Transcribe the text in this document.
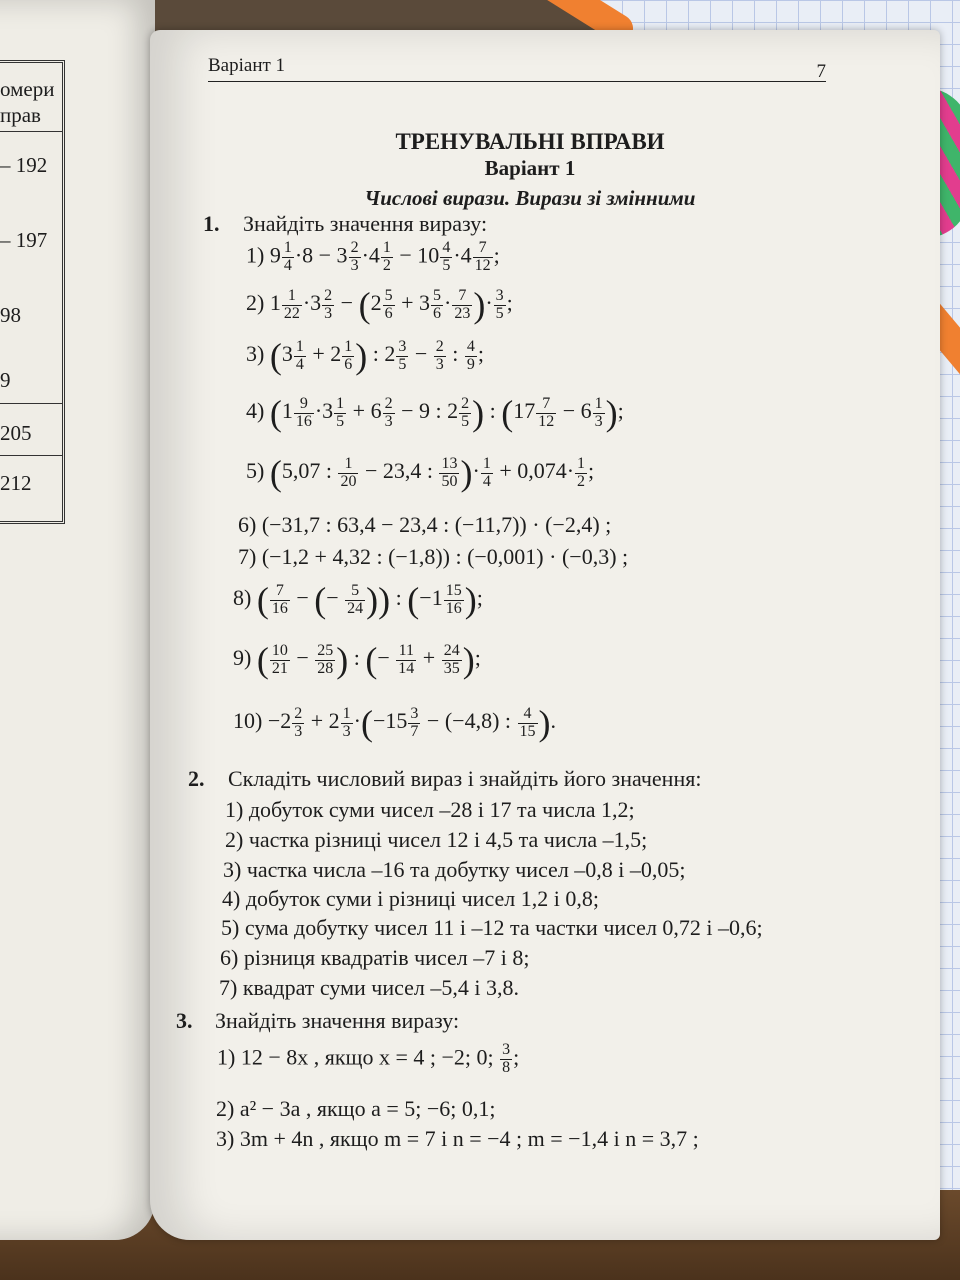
омери
прав
– 192
– 197
98
9
205
212
Варіант 1	7
ТРЕНУВАЛЬНІ ВПРАВИ
Варіант 1
Числові вирази. Вирази зі змінними
1. Знайдіть значення виразу:
1) $9 \frac{1}{4} \cdot 8 - 3 \frac{2}{3} \cdot 4 \frac{1}{2} - 10 \frac{4}{5} \cdot 4 \frac{7}{12}$ ;
2) $1 \frac{1}{22} \cdot 3 \frac{2}{3} - (2 \frac{5}{6} + 3 \frac{5}{6} \cdot \frac{7}{23}$ )· $\frac{3}{5}$ ;
3) ($3 \frac{1}{4} + 2 \frac{1}{6}$ ) : $2 \frac{3}{5} - \frac{2}{3}$ : $\frac{4}{9}$ ;
4) ($1 \frac{9}{16} \cdot 3 \frac{1}{5} + 6 \frac{2}{3} - 9$ : $2 \frac{2}{5}$ ) : ($17 \frac{7}{12} - 6 \frac{1}{3}$ );
5) (5,07 : $\frac{1}{20} - 23,4$ : $\frac{13}{50}$ )· $\frac{1}{4} + 0,074\cdot \frac{1}{2}$ ;
6) (−31,7 : 63,4 − 23,4 : (−11,7)) · (−2,4) ;
7) (−1,2 + 4,32 : (−1,8)) : (−0,001) · (−0,3) ;
8) ( $\frac{7}{16}$ − (− $\frac{5}{24}$ )) : ($-1 \frac{15}{16}$ );
9) ( $\frac{10}{21} - \frac{25}{28}$ ) : (− $\frac{11}{14} + \frac{24}{35}$ );
$10) -2 \frac{2}{3} + 2 \frac{1}{3} \cdot(-15 \frac{3}{7} - (-4,8)$ : $\frac{4}{15}$ ).
2. Складіть числовий вираз і знайдіть його значення:
1) добуток суми чисел –28 і 17 та числа 1,2;
2) частка різниці чисел 12 і 4,5 та числа –1,5;
3) частка числа –16 та добутку чисел –0,8 і –0,05;
4) добуток суми і різниці чисел 1,2 і 0,8;
5) сума добутку чисел 11 і –12 та частки чисел 0,72 і –0,6;
6) різниця квадратів чисел –7 і 8;
7) квадрат суми чисел –5,4 і 3,8.
3. Знайдіть значення виразу:
1) 12 − 8x , якщо x = 4 ; −2; 0; $\frac{3}{8}$ ;
2) a² − 3a , якщо a = 5; −6; 0,1;
3) 3m + 4n , якщо m = 7 і n = −4 ; m = −1,4 і n = 3,7 ;
